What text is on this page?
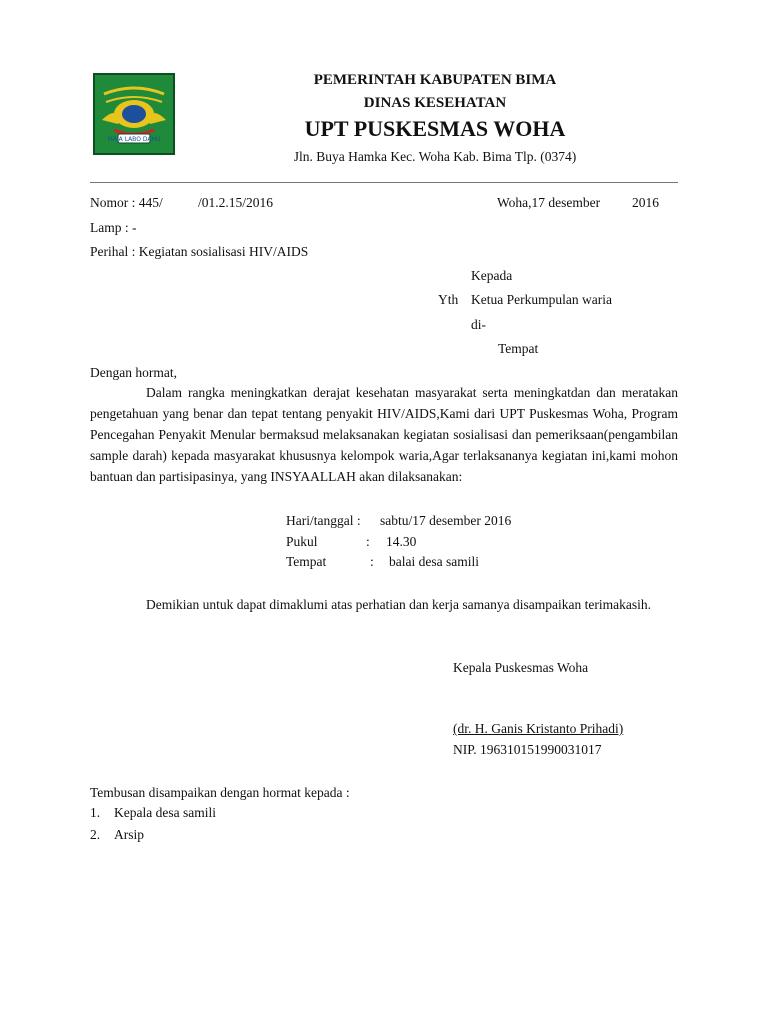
MAJA LABO DAHU
PEMERINTAH KABUPATEN BIMA
DINAS KESEHATAN
UPT PUSKESMAS WOHA
Jln. Buya Hamka Kec. Woha Kab. Bima Tlp. (0374)
Nomor : 445/	/01.2.15/2016	Woha,17 desember 2016
Lamp : -
Perihal : Kegiatan sosialisasi HIV/AIDS
Kepada
Yth Ketua Perkumpulan waria
di-
Tempat
Dengan hormat,

Dalam rangka meningkatkan derajat kesehatan masyarakat serta meningkatdan dan meratakan pengetahuan yang benar dan tepat tentang penyakit HIV/AIDS,Kami dari UPT Puskesmas Woha, Program Pencegahan Penyakit Menular bermaksud melaksanakan kegiatan sosialisasi dan pemeriksaan(pengambilan sample darah) kepada masyarakat khususnya kelompok waria,Agar terlaksananya kegiatan ini,kami mohon bantuan dan partisipasinya, yang INSYAALLAH akan dilaksanakan:

Hari/tanggal : sabtu/17 desember 2016
Pukul	: 14.30
Tempat	: balai desa samili

Demikian untuk dapat dimaklumi atas perhatian dan kerja samanya disampaikan terimakasih.

Kepala Puskesmas Woha
(dr. H. Ganis Kristanto Prihadi)
NIP. 196310151990031017
Tembusan disampaikan dengan hormat kepada :
1. Kepala desa samili
2. Arsip
